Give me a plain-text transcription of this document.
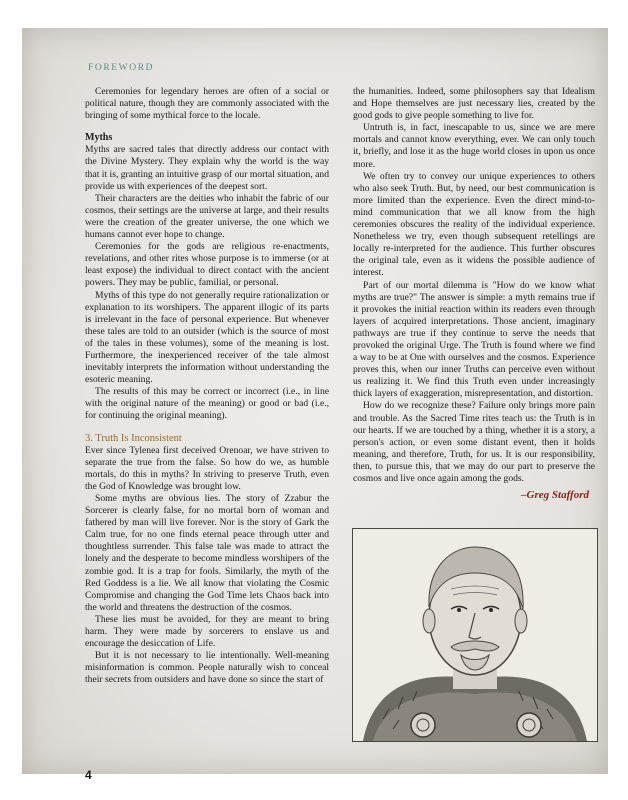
FOREWORD

Ceremonies for legendary heroes are often of a social or political nature, though they are commonly associated with the bringing of some mythical force to the locale.

Myths

Myths are sacred tales that directly address our contact with the Divine Mystery. They explain why the world is the way that it is, granting an intuitive grasp of our mortal situation, and provide us with experiences of the deepest sort.

Their characters are the deities who inhabit the fabric of our cosmos, their settings are the universe at large, and their results were the creation of the greater universe, the one which we humans cannot ever hope to change.

Ceremonies for the gods are religious re-enactments, revelations, and other rites whose purpose is to immerse (or at least expose) the individual to direct contact with the ancient powers. They may be public, familial, or personal.

Myths of this type do not generally require rationalization or explanation to its worshipers. The apparent illogic of its parts is irrelevant in the face of personal experience. But whenever these tales are told to an outsider (which is the source of most of the tales in these volumes), some of the meaning is lost. Furthermore, the inexperienced receiver of the tale almost inevitably interprets the information without understanding the esoteric meaning.

The results of this may be correct or incorrect (i.e., in line with the original nature of the meaning) or good or bad (i.e., for continuing the original meaning).

3. Truth Is Inconsistent

Ever since Tylenea first deceived Orenoar, we have striven to separate the true from the false. So how do we, as humble mortals, do this in myths? In striving to preserve Truth, even the God of Knowledge was brought low.

Some myths are obvious lies. The story of Zzabur the Sorcerer is clearly false, for no mortal born of woman and fathered by man will live forever. Nor is the story of Gark the Calm true, for no one finds eternal peace through utter and thoughtless surrender. This false tale was made to attract the lonely and the desperate to become mindless worshipers of the zombie god. It is a trap for fools. Similarly, the myth of the Red Goddess is a lie. We all know that violating the Cosmic Compromise and changing the God Time lets Chaos back into the world and threatens the destruction of the cosmos.

These lies must be avoided, for they are meant to bring harm. They were made by sorcerers to enslave us and encourage the desiccation of Life.

But it is not necessary to lie intentionally. Well-meaning misinformation is common. People naturally wish to conceal their secrets from outsiders and have done so since the start of

the humanities. Indeed, some philosophers say that Idealism and Hope themselves are just necessary lies, created by the good gods to give people something to live for.

Untruth is, in fact, inescapable to us, since we are mere mortals and cannot know everything, ever. We can only touch it, briefly, and lose it as the huge world closes in upon us once more.

We often try to convey our unique experiences to others who also seek Truth. But, by need, our best communication is more limited than the experience. Even the direct mind-to-mind communication that we all know from the high ceremonies obscures the reality of the individual experience. Nonetheless we try, even though subsequent retellings are locally re-interpreted for the audience. This further obscures the original tale, even as it widens the possible audience of interest.

Part of our mortal dilemma is "How do we know what myths are true?" The answer is simple: a myth remains true if it provokes the initial reaction within its readers even through layers of acquired interpretations. Those ancient, imaginary pathways are true if they continue to serve the needs that provoked the original Urge. The Truth is found where we find a way to be at One with ourselves and the cosmos. Experience proves this, when our inner Truths can perceive even without us realizing it. We find this Truth even under increasingly thick layers of exaggeration, misrepresentation, and distortion.

How do we recognize these? Failure only brings more pain and trouble. As the Sacred Time rites teach us: the Truth is in our hearts. If we are touched by a thing, whether it is a story, a person's action, or even some distant event, then it holds meaning, and therefore, Truth, for us. It is our responsibility, then, to pursue this, that we may do our part to preserve the cosmos and live once again among the gods.

–Greg Stafford
4
